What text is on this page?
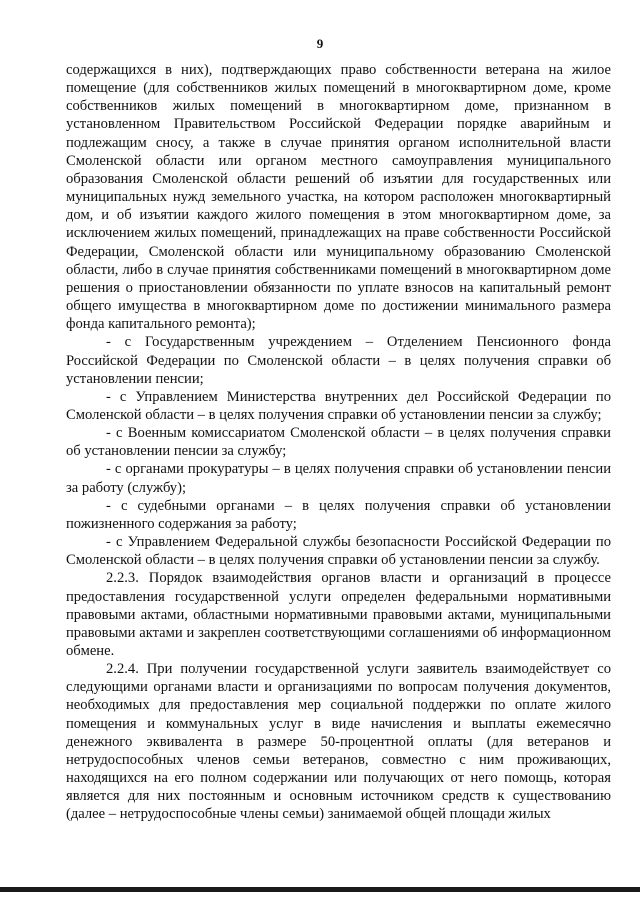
9

содержащихся в них), подтверждающих право собственности ветерана на жилое помещение (для собственников жилых помещений в многоквартирном доме, кроме собственников жилых помещений в многоквартирном доме, признанном в установленном Правительством Российской Федерации порядке аварийным и подлежащим сносу, а также в случае принятия органом исполнительной власти Смоленской области или органом местного самоуправления муниципального образования Смоленской области решений об изъятии для государственных или муниципальных нужд земельного участка, на котором расположен многоквартирный дом, и об изъятии каждого жилого помещения в этом многоквартирном доме, за исключением жилых помещений, принадлежащих на праве собственности Российской Федерации, Смоленской области или муниципальному образованию Смоленской области, либо в случае принятия собственниками помещений в многоквартирном доме решения о приостановлении обязанности по уплате взносов на капитальный ремонт общего имущества в многоквартирном доме по достижении минимального размера фонда капитального ремонта);

- с Государственным учреждением – Отделением Пенсионного фонда Российской Федерации по Смоленской области – в целях получения справки об установлении пенсии;

- с Управлением Министерства внутренних дел Российской Федерации по Смоленской области – в целях получения справки об установлении пенсии за службу;

- с Военным комиссариатом Смоленской области – в целях получения справки об установлении пенсии за службу;

- с органами прокуратуры – в целях получения справки об установлении пенсии за работу (службу);

- с судебными органами – в целях получения справки об установлении пожизненного содержания за работу;

- с Управлением Федеральной службы безопасности Российской Федерации по Смоленской области – в целях получения справки об установлении пенсии за службу.

2.2.3. Порядок взаимодействия органов власти и организаций в процессе предоставления государственной услуги определен федеральными нормативными правовыми актами, областными нормативными правовыми актами, муниципальными правовыми актами и закреплен соответствующими соглашениями об информационном обмене.

2.2.4. При получении государственной услуги заявитель взаимодействует со следующими органами власти и организациями по вопросам получения документов, необходимых для предоставления мер социальной поддержки по оплате жилого помещения и коммунальных услуг в виде начисления и выплаты ежемесячно денежного эквивалента в размере 50-процентной оплаты (для ветеранов и нетрудоспособных членов семьи ветеранов, совместно с ним проживающих, находящихся на его полном содержании или получающих от него помощь, которая является для них постоянным и основным источником средств к существованию (далее – нетрудоспособные члены семьи) занимаемой общей площади жилых
